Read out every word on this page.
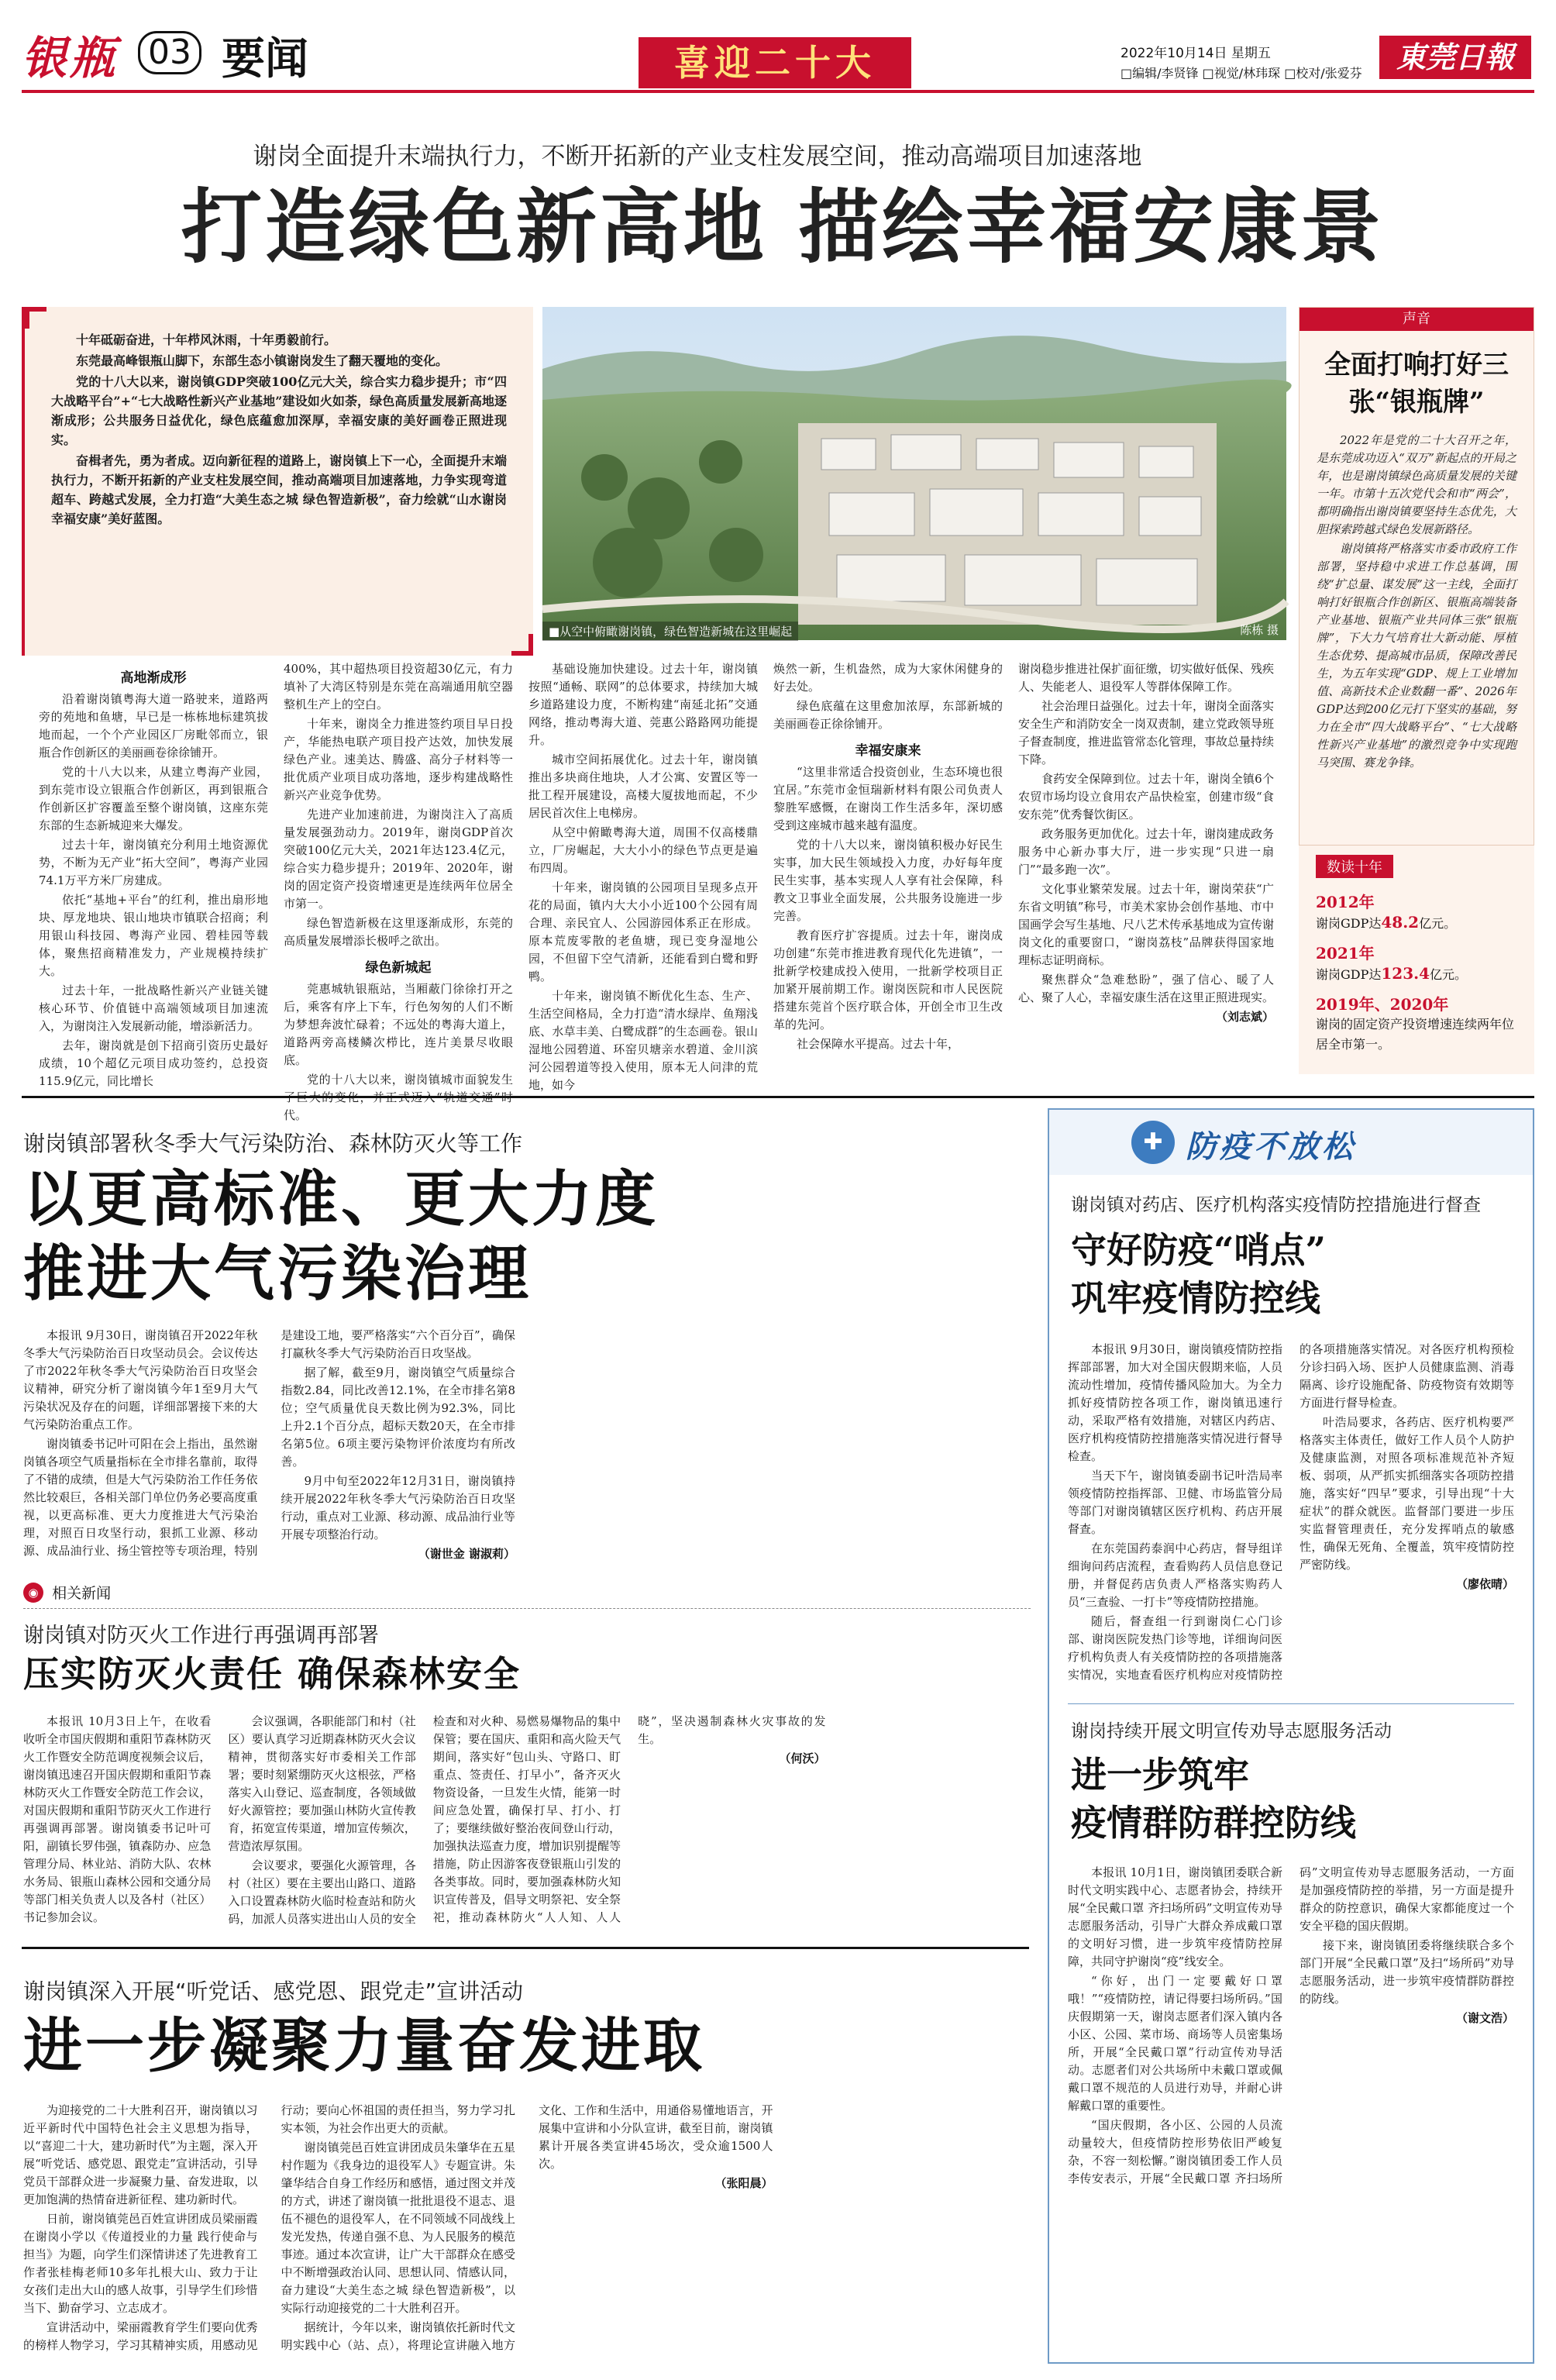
银瓶 03 要闻	喜迎二十大	2022年10月14日 星期五
□编辑/李贤锋 □视觉/林玮琛 □校对/张爱芬	東莞日報
谢岗全面提升末端执行力，不断开拓新的产业支柱发展空间，推动高端项目加速落地
打造绿色新高地 描绘幸福安康景

十年砥砺奋进，十年栉风沐雨，十年勇毅前行。

东莞最高峰银瓶山脚下，东部生态小镇谢岗发生了翻天覆地的变化。

党的十八大以来，谢岗镇GDP突破100亿元大关，综合实力稳步提升；市“四大战略平台”+“七大战略性新兴产业基地”建设如火如荼，绿色高质量发展新高地逐渐成形；公共服务日益优化，绿色底蕴愈加深厚，幸福安康的美好画卷正照进现实。

奋楫者先，勇为者成。迈向新征程的道路上，谢岗镇上下一心，全面提升末端执行力，不断开拓新的产业支柱发展空间，推动高端项目加速落地，力争实现弯道超车、跨越式发展，全力打造“大美生态之城 绿色智造新极”，奋力绘就“山水谢岗 幸福安康”美好蓝图。

■从空中俯瞰谢岗镇，绿色智造新城在这里崛起	陈栋 摄
高地渐成形

沿着谢岗镇粤海大道一路驶来，道路两旁的苑地和鱼塘，早已是一栋栋地标建筑拔地而起，一个个产业园区厂房毗邻而立，银瓶合作创新区的美丽画卷徐徐铺开。

党的十八大以来，从建立粤海产业园，到东莞市设立银瓶合作创新区，再到银瓶合作创新区扩容覆盖至整个谢岗镇，这座东莞东部的生态新城迎来大爆发。

过去十年，谢岗镇充分利用土地资源优势，不断为无产业“拓大空间”，粤海产业园74.1万平方米厂房建成。

依托“基地+平台”的红利，推出扇形地块、厚龙地块、银山地块市镇联合招商；利用银山科技园、粤海产业园、碧桂园等载体，聚焦招商精准发力，产业规模持续扩大。

过去十年，一批战略性新兴产业链关键核心环节、价值链中高端领域项目加速流入，为谢岗注入发展新动能，增添新活力。

去年，谢岗就是创下招商引资历史最好成绩，10个超亿元项目成功签约，总投资115.9亿元，同比增长

400%，其中超热项目投资超30亿元，有力填补了大湾区特别是东莞在高端通用航空器整机生产上的空白。

十年来，谢岗全力推进签约项目早日投产，华能热电联产项目投产达效，加快发展绿色产业。速美达、腾盛、高分子材料等一批优质产业项目成功落地，逐步构建战略性新兴产业竞争优势。

先进产业加速前进，为谢岗注入了高质量发展强劲动力。2019年，谢岗GDP首次突破100亿元大关，2021年达123.4亿元，综合实力稳步提升；2019年、2020年，谢岗的固定资产投资增速更是连续两年位居全市第一。

绿色智造新极在这里逐渐成形，东莞的高质量发展增添长极呼之欲出。

绿色新城起

莞惠城轨银瓶站，当厢蔽门徐徐打开之后，乘客有序上下车，行色匆匆的人们不断为梦想奔波忙碌着；不远处的粤海大道上，道路两旁高楼鳞次栉比，连片美景尽收眼底。

党的十八大以来，谢岗镇城市面貌发生 代。

基础设施加快建设。过去十年，谢岗镇按照“通畅、联网”的总体要求，持续加大城乡道路建设力度，不断构建“南延北拓”交通网络，推动粤海大道、莞惠公路路网功能提升。

城市空间拓展优化。过去十年，谢岗镇推出多块商住地块，人才公寓、安置区等一批工程开展建设，高楼大厦拔地而起，不少居民首次住上电梯房。

从空中俯瞰粤海大道，周围不仅高楼鼎立，厂房崛起，大大小小的绿色节点更是遍布四周。

十年来，谢岗镇的公园项目呈现多点开花的局面，镇内大大小小近100个公园有周合理、亲民宜人、公园游园体系正在形成。原本荒废零散的老鱼塘，现已变身湿地公园，不但留下空气清新，还能看到白鹭和野鸭。

十年来，谢岗镇不断优化生态、生产、生活空间格局，全力打造“清水绿岸、鱼翔浅底、水草丰美、白鹭成群”的生态画卷。银山湿地公园碧道、环窑贝塘亲水碧道、金川滨河公园碧道等投入使用，原本无人问津的荒地，如今

焕然一新，生机盎然，成为大家休闲健身的好去处。

绿色底蕴在这里愈加浓厚，东部新城的美丽画卷正徐徐铺开。

幸福安康来

“这里非常适合投资创业，生态环境也很宜居。”东莞市金恒瑞新材料有限公司负责人黎胜军感慨，在谢岗工作生活多年，深切感受到这座城市越来越有温度。

党的十八大以来，谢岗镇积极办好民生实事，加大民生领域投入力度，办好每年度民生实事，基本实现人人享有社会保障，科教文卫事业全面发展，公共服务设施进一步完善。

教育医疗扩容提质。过去十年，谢岗成功创建“东莞市推进教育现代化先进镇”，一批新学校建成投入使用，一批新学校项目正加紧开展前期工作。谢岗医院和市人民医院搭建东莞首个医疗联合体，开创全市卫生改革的先河。

社会保障水平提高。过去十年，

谢岗稳步推进社保扩面征缴，切实做好低保、残疾人、失能老人、退役军人等群体保障工作。

社会治理日益强化。过去十年，谢岗全面落实安全生产和消防安全一岗双责制，建立党政领导班子督查制度，推进监管常态化管理，事故总量持续下降。

食药安全保障到位。过去十年，谢岗全镇6个农贸市场均设立食用农产品快检室，创建市级“食安东莞”优秀餐饮街区。

政务服务更加优化。过去十年，谢岗建成政务服务中心新办事大厅，进一步实现“只进一扇门”“最多跑一次”。

文化事业繁荣发展。过去十年，谢岗荣获“广东省文明镇”称号，市美术家协会创作基地、市中国画学会写生基地、尺八艺术传承基地成为宣传谢岗文化的重要窗口，“谢岗荔枝”品牌获得国家地理标志证明商标。

聚焦群众“急难愁盼”，强了信心、暖了人心、聚了人心，幸福安康生活在这里正照进现实。

（刘志斌）
声音
全面打响打好三张“银瓶牌”

2022年是党的二十大召开之年，是东莞成功迈入“双万”新起点的开局之年，也是谢岗镇绿色高质量发展的关键一年。市第十五次党代会和市“两会”，都明确指出谢岗镇要坚持生态优先，大胆探索跨越式绿色发展新路径。

谢岗镇将严格落实市委市政府工作部署，坚持稳中求进工作总基调，围绕“扩总量、谋发展”这一主线，全面打响打好银瓶合作创新区、银瓶高端装备产业基地、银瓶产业共同体三张“银瓶牌”，下大力气培育壮大新动能、厚植生态优势、提高城市品质，保障改善民生，为五年实现“GDP、规上工业增加值、高新技术企业数翻一番”、2026年GDP达到200亿元打下坚实的基础，努力在全市“四大战略平台”、“七大战略性新兴产业基地”的激烈竞争中实现跑马突围、赛龙争锋。

数读十年
2012年
谢岗GDP达48.2亿元。
2021年
谢岗GDP达123.4亿元。
2019年、2020年
谢岗的固定资产投资增速连续两年位居全市第一。
谢岗镇部署秋冬季大气污染防治、森林防灭火等工作
以更高标准、更大力度
推进大气污染治理

本报讯 9月30日，谢岗镇召开2022年秋冬季大气污染防治百日攻坚动员会。会议传达了市2022年秋冬季大气污染防治百日攻坚会议精神，研究分析了谢岗镇今年1至9月大气污染状况及存在的问题，详细部署接下来的大气污染防治重点工作。

谢岗镇委书记叶可阳在会上指出，虽然谢岗镇各项空气质量指标在全市排名靠前，取得了不错的成绩，但是大气污染防治工作任务依然比较艰巨，各相关部门单位仍务必要高度重视，以更高标准、更大力度推进大气污染治理，对照百日攻坚行动，狠抓工业源、移动源、成品油行业、扬尘管控等专项治理，特别是建设工地，要严格落实“六个百分百”，确保打赢秋冬季大气污染防治百日攻坚战。

据了解，截至9月，谢岗镇空气质量综合指数2.84，同比改善12.1%，在全市排名第8位；空气质量优良天数比例为92.3%，同比上升2.1个百分点，超标天数20天，在全市排名第5位。6项主要污染物评价浓度均有所改善。

9月中旬至2022年12月31日，谢岗镇持续开展2022年秋冬季大气污染防治百日攻坚行动，重点对工业源、移动源、成品油行业等开展专项整治行动。

（谢世金 谢淑莉）
◉ 相关新闻
谢岗镇对防灭火工作进行再强调再部署
压实防灭火责任 确保森林安全

本报讯 10月3日上午，在收看收听全市国庆假期和重阳节森林防灭火工作暨安全防范调度视频会议后，谢岗镇迅速召开国庆假期和重阳节森林防灭火工作暨安全防范工作会议，对国庆假期和重阳节防灭火工作进行再强调再部署。谢岗镇委书记叶可阳，副镇长罗伟强，镇森防办、应急管理分局、林业站、消防大队、农林水务局、银瓶山森林公园和交通分局等部门相关负责人以及各村（社区）书记参加会议。

会议强调，各职能部门和村（社区）要认真学习近期森林防灭火会议精神，贯彻落实好市委相关工作部署；要时刻紧绷防灭火这根弦，严格落实入山登记、巡查制度，各领域做好火源管控；要加强山林防火宣传教育，拓宽宣传渠道，增加宣传频次，营造浓厚氛围。

会议要求，要强化火源管理，各村（社区）要在主要出山路口、道路入口设置森林防火临时检查站和防火码，加派人员落实进出山人员的安全检查和对火种、易燃易爆物品的集中保管；要在国庆、重阳和高火险天气期间，落实好“包山头、守路口、盯重点、签责任、打早小”，备齐灭火物资设备，一旦发生火情，能第一时间应急处置，确保打早、打小、打了；要继续做好整治夜间登山行动，加强执法巡查力度，增加识别提醒等措施，防止因游客夜登银瓶山引发的各类事故。同时，要加强森林防火知识宣传普及，倡导文明祭祀、安全祭祀，推动森林防火“人人知、人人晓”，坚决遏制森林火灾事故的发生。

（何沃）
谢岗镇深入开展“听党话、感党恩、跟党走”宣讲活动
进一步凝聚力量奋发进取

为迎接党的二十大胜利召开，谢岗镇以习近平新时代中国特色社会主义思想为指导，以“喜迎二十大，建功新时代”为主题，深入开展“听党话、感党恩、跟党走”宣讲活动，引导党员干部群众进一步凝聚力量、奋发进取，以更加饱满的热情奋进新征程、建功新时代。

日前，谢岗镇莞邑百姓宣讲团成员梁丽霞在谢岗小学以《传道授业的力量 践行使命与担当》为题，向学生们深情讲述了先进教育工作者张桂梅老师10多年扎根大山、致力于让女孩们走出大山的感人故事，引导学生们珍惜当下、勤奋学习、立志成才。

宣讲活动中，梁丽霞教育学生们要向优秀的榜样人物学习，学习其精神实质，用感动见行动；要向心怀祖国的责任担当，努力学习扎实本领，为社会作出更大的贡献。

谢岗镇莞邑百姓宣讲团成员朱肇华在五星村作题为《我身边的退役军人》专题宣讲。朱肇华结合自身工作经历和感悟，通过图文并茂的方式，讲述了谢岗镇一批批退役不退志、退伍不褪色的退役军人，在不同领域不同战线上发光发热，传递自强不息、为人民服务的模范事迹。通过本次宣讲，让广大干部群众在感受中不断增强政治认同、思想认同、情感认同，奋力建设“大美生态之城 绿色智造新极”，以实际行动迎接党的二十大胜利召开。

据统计，今年以来，谢岗镇依托新时代文明实践中心（站、点），将理论宣讲融入地方文化、工作和生活中，用通俗易懂地语言，开展集中宣讲和小分队宣讲，截至目前，谢岗镇累计开展各类宣讲45场次，受众逾1500人次。

（张阳晨）
✚ 防疫不放松
谢岗镇对药店、医疗机构落实疫情防控措施进行督查
守好防疫“哨点”
巩牢疫情防控线

本报讯 9月30日，谢岗镇疫情防控指挥部部署，加大对全国庆假期来临，人员流动性增加，疫情传播风险加大。为全力抓好疫情防控各项工作，谢岗镇迅速行动，采取严格有效措施，对辖区内药店、医疗机构疫情防控措施落实情况进行督导检查。

当天下午，谢岗镇委副书记叶浩局率领疫情防控指挥部、卫健、市场监管分局等部门对谢岗镇辖区医疗机构、药店开展督查。

在东莞国药泰润中心药店，督导组详细询问药店流程，查看购药人员信息登记册，并督促药店负责人严格落实购药人员“三查验、一打卡”等疫情防控措施。

随后，督查组一行到谢岗仁心门诊部、谢岗医院发热门诊等地，详细询问医疗机构负责人有关疫情防控的各项措施落实情况，实地查看医疗机构应对疫情防控的各项措施落实情况。对各医疗机构预检分诊扫码入场、医护人员健康监测、消毒隔离、诊疗设施配备、防疫物资有效期等方面进行督导检查。

叶浩局要求，各药店、医疗机构要严格落实主体责任，做好工作人员个人防护及健康监测，对照各项标准规范补齐短板、弱项，从严抓实抓细落实各项防控措施，落实好“四早”要求，引导出现“十大症状”的群众就医。监督部门要进一步压实监督管理责任，充分发挥哨点的敏感性，确保无死角、全覆盖，筑牢疫情防控严密防线。

（廖依晴）
谢岗持续开展文明宣传劝导志愿服务活动
进一步筑牢
疫情群防群控防线

本报讯 10月1日，谢岗镇团委联合新时代文明实践中心、志愿者协会，持续开展“全民戴口罩 齐扫场所码”文明宣传劝导志愿服务活动，引导广大群众养成戴口罩的文明好习惯，进一步筑牢疫情防控屏障，共同守护谢岗“疫”线安全。

“你好，出门一定要戴好口罩哦！”“疫情防控，请记得要扫场所码。”国庆假期第一天，谢岗志愿者们深入镇内各小区、公园、菜市场、商场等人员密集场所，开展“全民戴口罩”行动宣传劝导活动。志愿者们对公共场所中未戴口罩或佩戴口罩不规范的人员进行劝导，并耐心讲解戴口罩的重要性。

“国庆假期，各小区、公园的人员流动量较大，但疫情防控形势依旧严峻复杂，不容一刻松懈。”谢岗镇团委工作人员李传安表示，开展“全民戴口罩 齐扫场所码”文明宣传劝导志愿服务活动，一方面是加强疫情防控的举措，另一方面是提升群众的防控意识，确保大家都能度过一个安全平稳的国庆假期。

接下来，谢岗镇团委将继续联合多个部门开展“全民戴口罩”及扫“场所码”劝导志愿服务活动，进一步筑牢疫情群防群控的防线。

（谢文浩）
